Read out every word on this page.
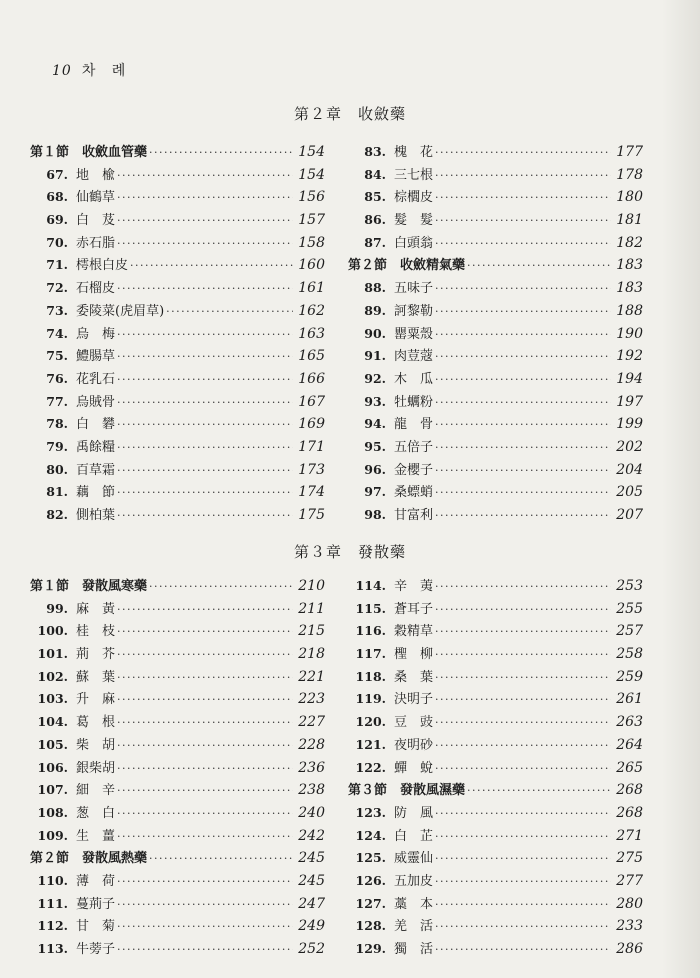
10 차 례
第２章　收斂藥
第１節　收斂血管藥 ·····	154
67. 地　楡 ·····	154
68. 仙鶴草 ·····	156
69. 白　芨 ·····	157
70. 赤石脂 ·····	158
71. 樗根白皮 ·····	160
72. 石榴皮 ·····	161
73. 委陵菜(虎眉草) ·····	162
74. 烏　梅 ·····	163
75. 鱧腸草 ·····	165
76. 花乳石 ·····	166
77. 烏賊骨 ·····	167
78. 白　礬 ·····	169
79. 禹餘糧 ·····	171
80. 百草霜 ·····	173
81. 藕　節 ·····	174
82. 側柏葉 ·····	175
83. 槐　花 ·····	177
84. 三七根 ·····	178
85. 棕櫚皮 ·····	180
86. 髮　髮 ·····	181
87. 白頭翁 ·····	182
第２節　收斂精氣藥 ·····	183
88. 五味子 ·····	183
89. 訶黎勒 ·····	188
90. 罌粟殼 ·····	190
91. 肉荳蔻 ·····	192
92. 木　瓜 ·····	194
93. 牡蠣粉 ·····	197
94. 龍　骨 ·····	199
95. 五倍子 ·····	202
96. 金櫻子 ·····	204
97. 桑螵蛸 ·····	205
98. 甘富利 ·····	207
第３章　發散藥
第１節　發散風寒藥 ·····	210
99. 麻　黃 ·····	211
100. 桂　枝 ·····	215
101. 荊　芥 ·····	218
102. 蘇　葉 ·····	221
103. 升　麻 ·····	223
104. 葛　根 ·····	227
105. 柴　胡 ·····	228
106. 銀柴胡 ·····	236
107. 細　辛 ·····	238
108. 葱　白 ·····	240
109. 生　薑 ·····	242
第２節　發散風熱藥 ·····	245
110. 薄　荷 ·····	245
111. 蔓荊子 ·····	247
112. 甘　菊 ·····	249
113. 牛蒡子 ·····	252
114. 辛　荑 ·····	253
115. 蒼耳子 ·····	255
116. 穀精草 ·····	257
117. 檉　柳 ·····	258
118. 桑　葉 ·····	259
119. 決明子 ·····	261
120. 豆　豉 ·····	263
121. 夜明砂 ·····	264
122. 蟬　蛻 ·····	265
第３節　發散風濕藥 ·····	268
123. 防　風 ·····	268
124. 白　芷 ·····	271
125. 威靈仙 ·····	275
126. 五加皮 ·····	277
127. 藁　本 ·····	280
128. 羌　活 ·····	233
129. 獨　活 ·····	286
